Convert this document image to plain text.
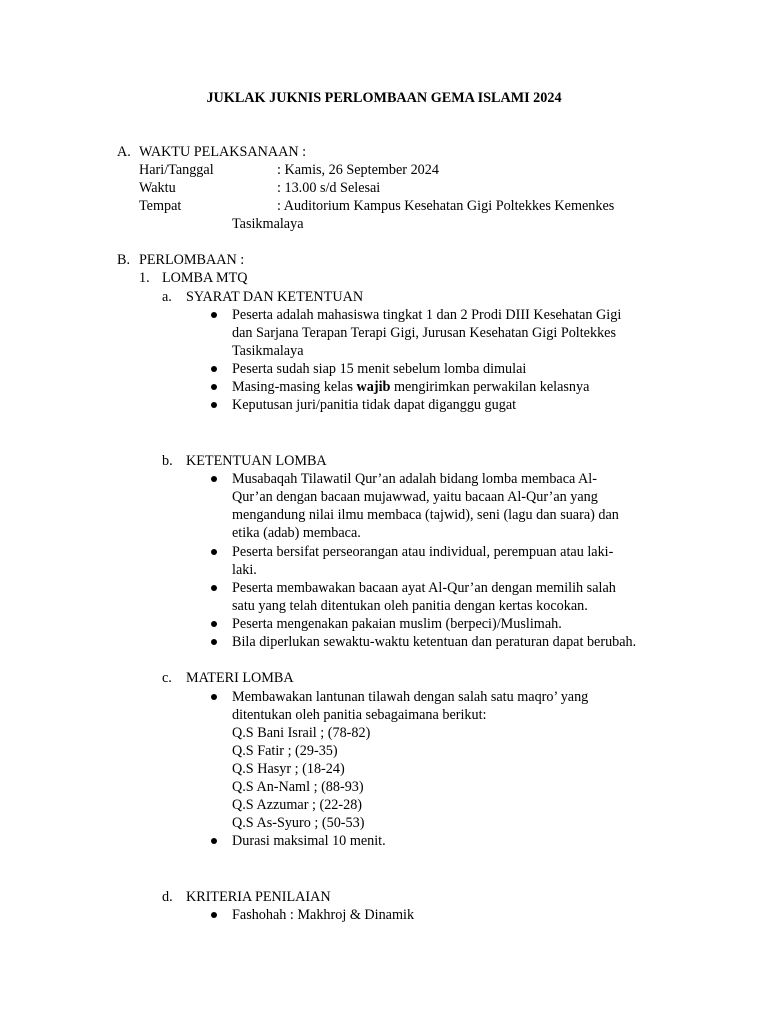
JUKLAK JUKNIS PERLOMBAAN GEMA ISLAMI 2024
A. WAKTU PELAKSANAAN :
Hari/Tanggal	: Kamis, 26 September 2024
Waktu	: 13.00 s/d Selesai
Tempat	: Auditorium Kampus Kesehatan Gigi Poltekkes Kemenkes
Tasikmalaya
B. PERLOMBAAN :
1. LOMBA MTQ
a. SYARAT DAN KETENTUAN
Peserta adalah mahasiswa tingkat 1 dan 2 Prodi DIII Kesehatan Gigi
dan Sarjana Terapan Terapi Gigi, Jurusan Kesehatan Gigi Poltekkes
Tasikmalaya
Peserta sudah siap 15 menit sebelum lomba dimulai
Masing-masing kelas wajib mengirimkan perwakilan kelasnya
Keputusan juri/panitia tidak dapat diganggu gugat
b. KETENTUAN LOMBA
Musabaqah Tilawatil Qur’an adalah bidang lomba membaca Al-
Qur’an dengan bacaan mujawwad, yaitu bacaan Al-Qur’an yang
mengandung nilai ilmu membaca (tajwid), seni (lagu dan suara) dan
etika (adab) membaca.
Peserta bersifat perseorangan atau individual, perempuan atau laki-
laki.
Peserta membawakan bacaan ayat Al-Qur’an dengan memilih salah
satu yang telah ditentukan oleh panitia dengan kertas kocokan.
Peserta mengenakan pakaian muslim (berpeci)/Muslimah.
Bila diperlukan sewaktu-waktu ketentuan dan peraturan dapat berubah.
c. MATERI LOMBA
Membawakan lantunan tilawah dengan salah satu maqro’ yang
ditentukan oleh panitia sebagaimana berikut:
Q.S Bani Israil ; (78-82)
Q.S Fatir ; (29-35)
Q.S Hasyr ; (18-24)
Q.S An-Naml ; (88-93)
Q.S Azzumar ; (22-28)
Q.S As-Syuro ; (50-53)
Durasi maksimal 10 menit.
d. KRITERIA PENILAIAN
Fashohah : Makhroj & Dinamik
